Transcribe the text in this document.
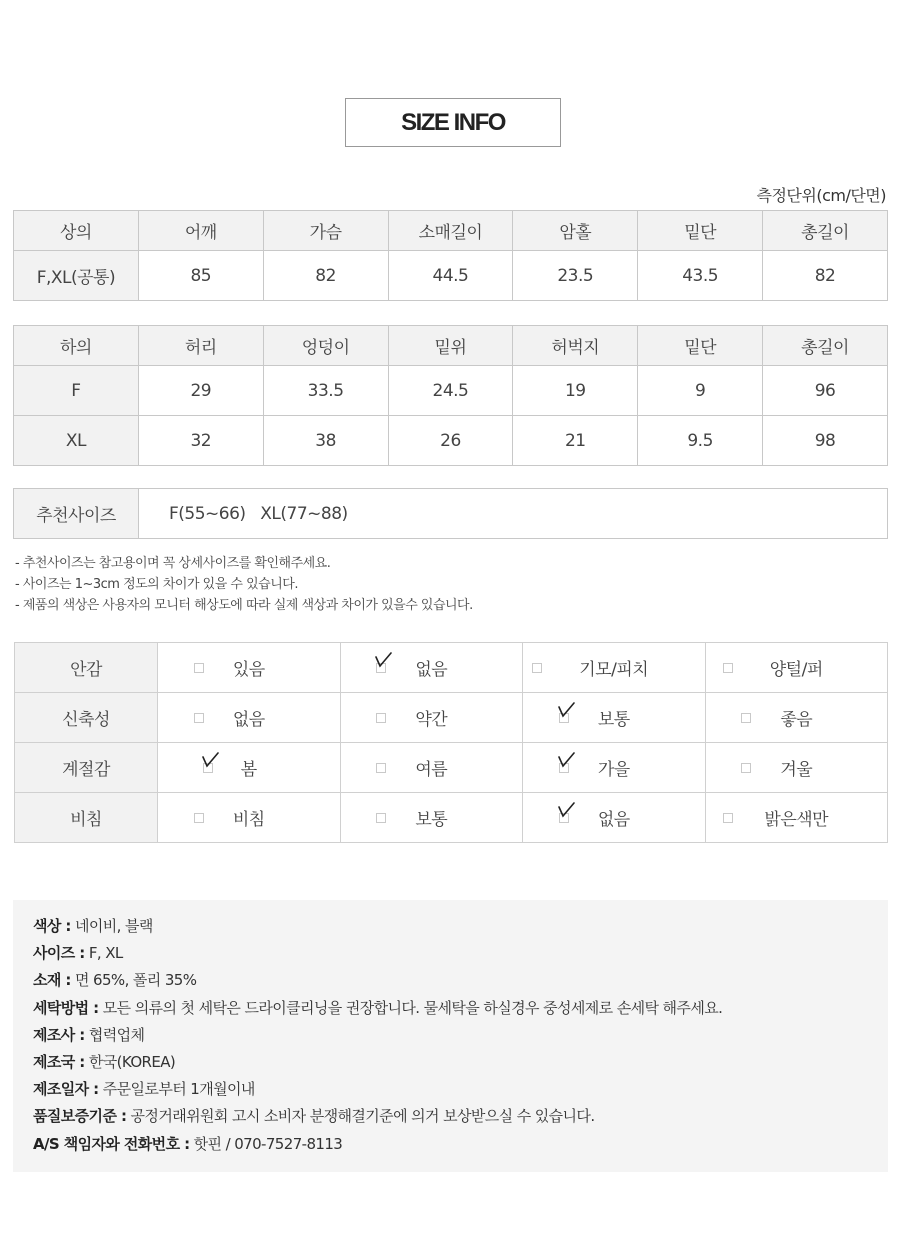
SIZE INFO
측정단위(cm/단면)
상의	어깨	가슴	소매길이	암홀	밑단	총길이
F,XL(공통)	85	82	44.5	23.5	43.5	82
하의	허리	엉덩이	밑위	허벅지	밑단	총길이
F	29	33.5	24.5	19	9	96
XL	32	38	26	21	9.5	98
추천사이즈	F(55~66)   XL(77~88)
- 추천사이즈는 참고용이며 꼭 상세사이즈를 확인해주세요.
- 사이즈는 1~3cm 정도의 차이가 있을 수 있습니다.
- 제품의 색상은 사용자의 모니터 해상도에 따라 실제 색상과 차이가 있을수 있습니다.
안감	있음	없음	기모/피치	양털/퍼

신축성	없음	약간	보통	좋음

계절감	봄	여름	가을	겨울

비침	비침	보통	없음	밝은색만
색상 : 네이비, 블랙
사이즈 : F, XL
소재 : 면 65%, 폴리 35%
세탁방법 : 모든 의류의 첫 세탁은 드라이클리닝을 권장합니다. 물세탁을 하실경우 중성세제로 손세탁 해주세요.
제조사 : 협력업체
제조국 : 한국(KOREA)
제조일자 : 주문일로부터 1개월이내
품질보증기준 : 공정거래위원회 고시 소비자 분쟁해결기준에 의거 보상받으실 수 있습니다.
A/S 책임자와 전화번호 : 핫핀 / 070-7527-8113
